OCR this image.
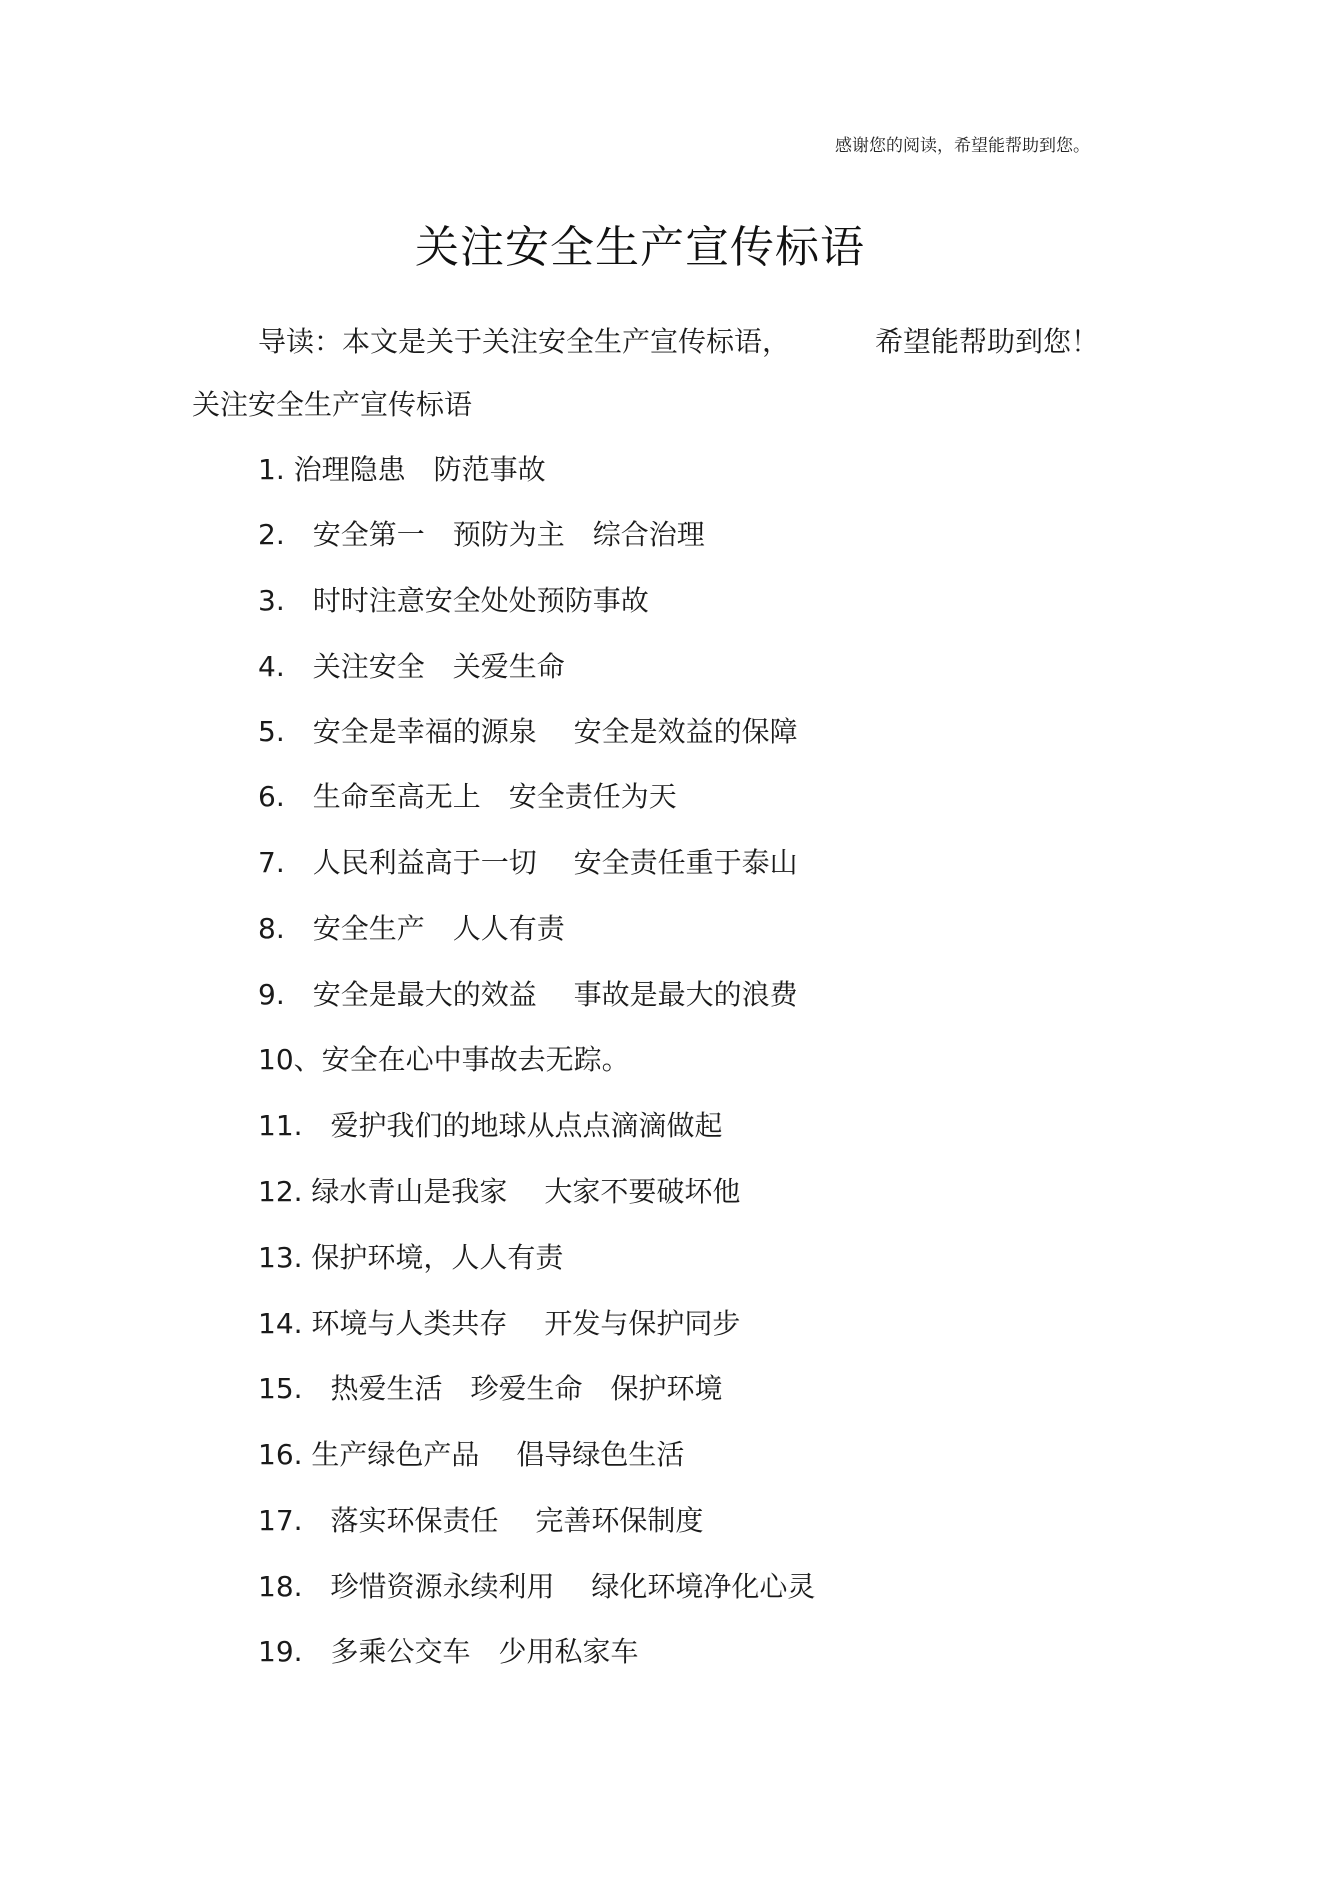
感谢您的阅读，希望能帮助到您。
关注安全生产宣传标语
导读：本文是关于关注安全生产宣传标语，	希望能帮助到您！
关注安全生产宣传标语
1. 治理隐患　防范事故
2.　安全第一　预防为主　综合治理
3.　时时注意安全处处预防事故
4.　关注安全　关爱生命
5.　安全是幸福的源泉　 安全是效益的保障
6.　生命至高无上　安全责任为天
7.　人民利益高于一切　 安全责任重于泰山
8.　安全生产　人人有责
9.　安全是最大的效益　 事故是最大的浪费
10、安全在心中事故去无踪。
11.　爱护我们的地球从点点滴滴做起
12. 绿水青山是我家　 大家不要破坏他
13. 保护环境，人人有责
14. 环境与人类共存　 开发与保护同步
15.　热爱生活　珍爱生命　保护环境
16. 生产绿色产品　 倡导绿色生活
17.　落实环保责任　 完善环保制度
18.　珍惜资源永续利用　 绿化环境净化心灵
19.　多乘公交车　少用私家车
